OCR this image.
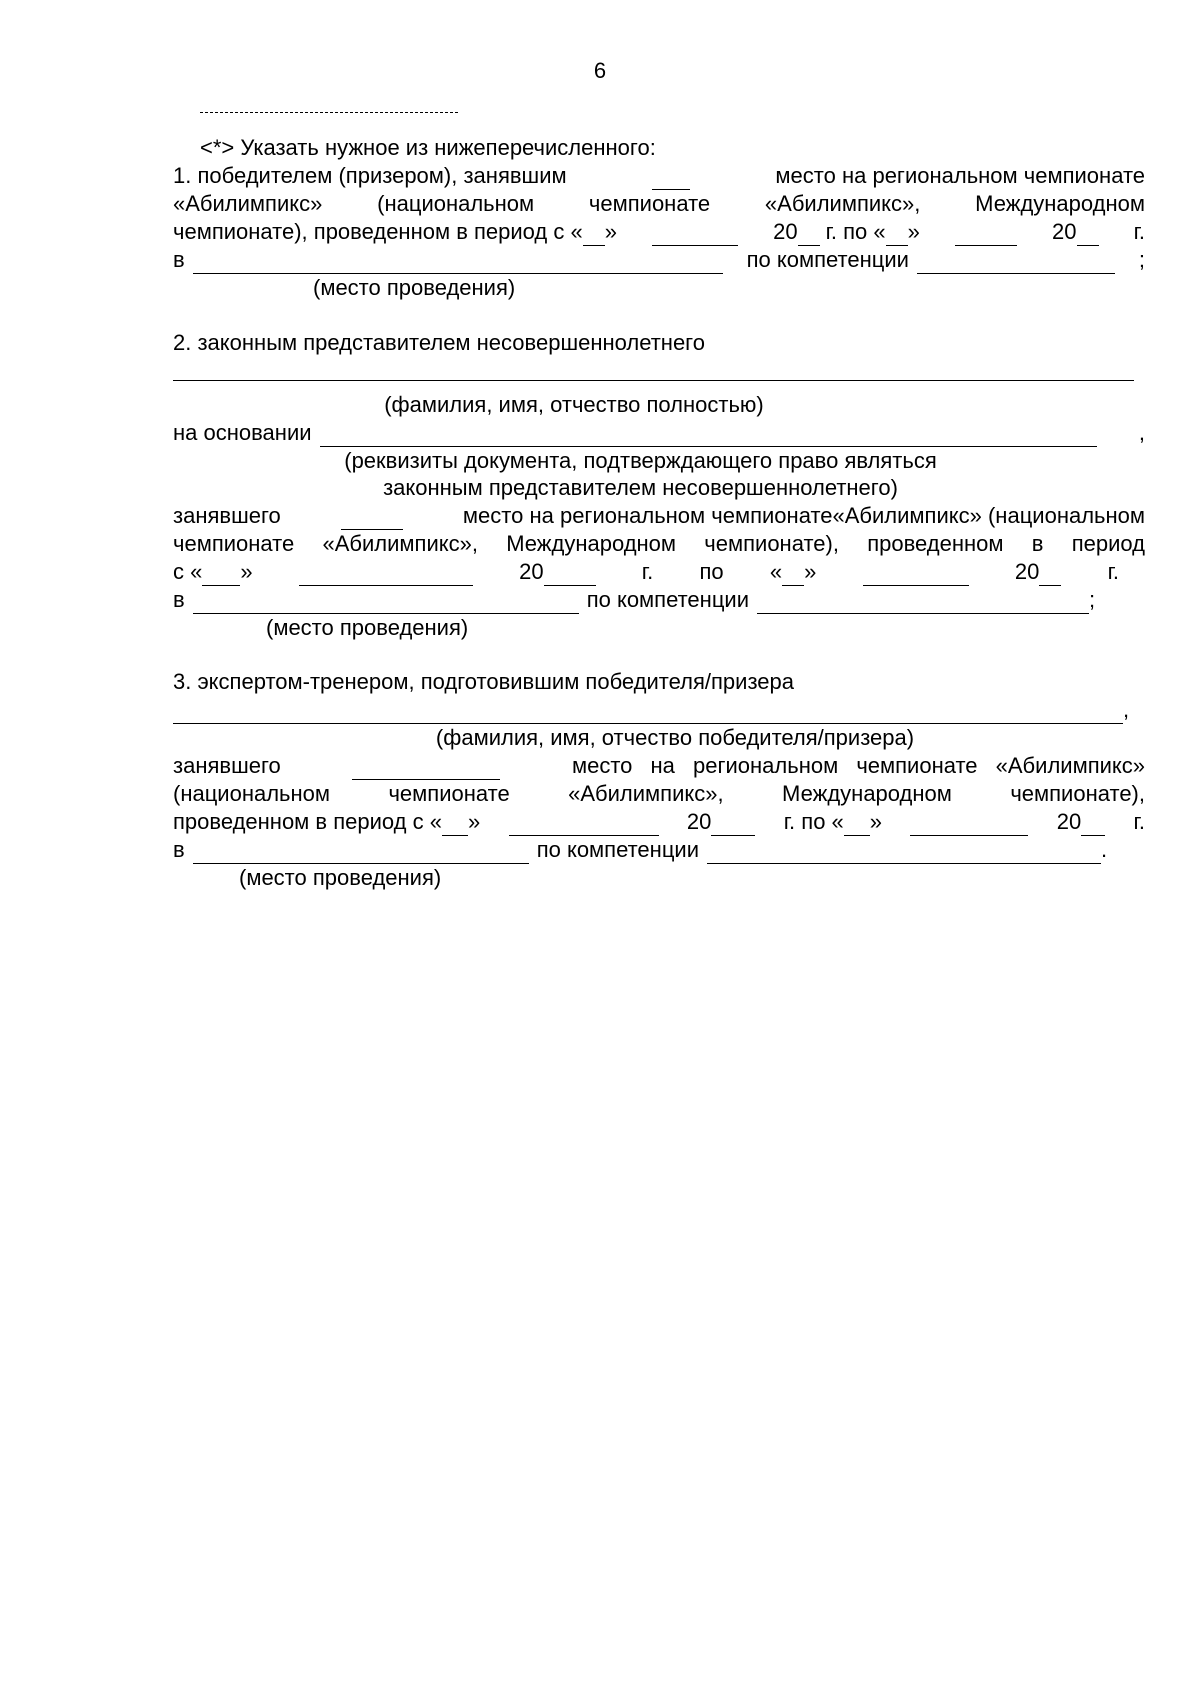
6
<*> Указать нужное из нижеперечисленного:
1. победителем (призером), занявшим	место на региональном чемпионате
«Абилимпикс» (национальном чемпионате «Абилимпикс», Международном
чемпионате), проведенном в период с « »	20 г. по « »	20	г.
в	по компетенции	;
(место проведения)
2. законным представителем несовершеннолетнего
(фамилия, имя, отчество полностью)
на основании	,
(реквизиты документа, подтверждающего право являться
законным представителем несовершеннолетнего)
занявшего	место на региональном чемпионате«Абилимпикс» (национальном
чемпионате «Абилимпикс», Международном чемпионате), проведенном в период
с « »	20	г. по « »	20	г.
в	по компетенции	;
(место проведения)
3. экспертом-тренером, подготовившим победителя/призера
,
(фамилия, имя, отчество победителя/призера)
занявшего	место на региональном чемпионате «Абилимпикс»
(национальном чемпионате «Абилимпикс», Международном чемпионате),
проведенном в период с « »	20	г. по « »	20 г.
в	по компетенции	.
(место проведения)
